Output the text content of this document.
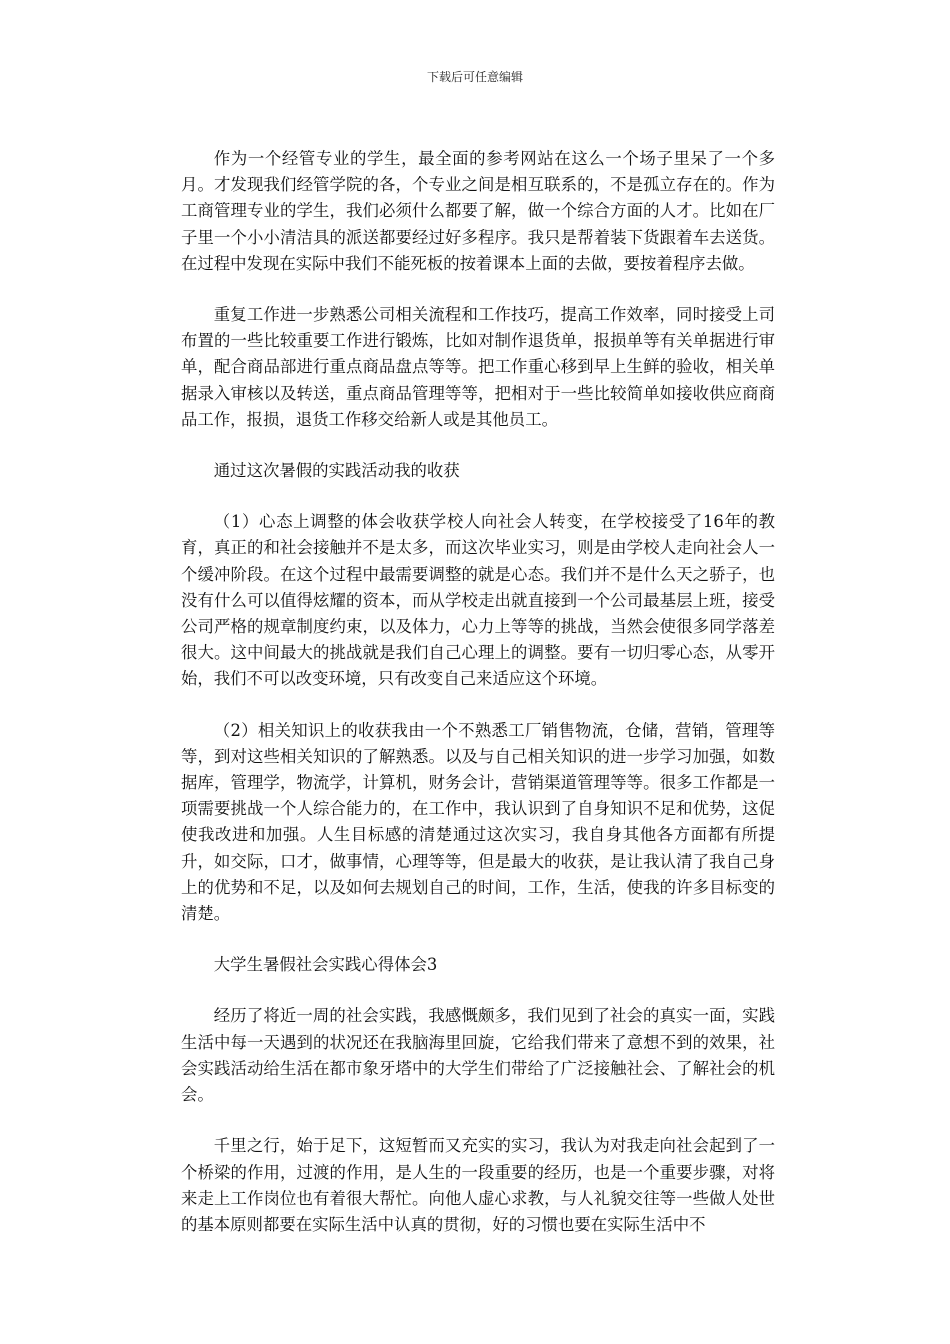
下载后可任意编辑

作为一个经管专业的学生，最全面的参考网站在这么一个场子里呆了一个多月。才发现我们经管学院的各，个专业之间是相互联系的，不是孤立存在的。作为工商管理专业的学生，我们必须什么都要了解，做一个综合方面的人才。比如在厂子里一个小小清洁具的派送都要经过好多程序。我只是帮着装下货跟着车去送货。在过程中发现在实际中我们不能死板的按着课本上面的去做，要按着程序去做。

重复工作进一步熟悉公司相关流程和工作技巧，提高工作效率，同时接受上司布置的一些比较重要工作进行锻炼，比如对制作退货单，报损单等有关单据进行审单，配合商品部进行重点商品盘点等等。把工作重心移到早上生鲜的验收，相关单据录入审核以及转送，重点商品管理等等，把相对于一些比较简单如接收供应商商品工作，报损，退货工作移交给新人或是其他员工。

通过这次暑假的实践活动我的收获

（1）心态上调整的体会收获学校人向社会人转变，在学校接受了16年的教育，真正的和社会接触并不是太多，而这次毕业实习，则是由学校人走向社会人一个缓冲阶段。在这个过程中最需要调整的就是心态。我们并不是什么天之骄子，也没有什么可以值得炫耀的资本，而从学校走出就直接到一个公司最基层上班，接受公司严格的规章制度约束，以及体力，心力上等等的挑战，当然会使很多同学落差很大。这中间最大的挑战就是我们自己心理上的调整。要有一切归零心态，从零开始，我们不可以改变环境，只有改变自己来适应这个环境。

（2）相关知识上的收获我由一个不熟悉工厂销售物流，仓储，营销，管理等等，到对这些相关知识的了解熟悉。以及与自己相关知识的进一步学习加强，如数据库，管理学，物流学，计算机，财务会计，营销渠道管理等等。很多工作都是一项需要挑战一个人综合能力的，在工作中，我认识到了自身知识不足和优势，这促使我改进和加强。人生目标感的清楚通过这次实习，我自身其他各方面都有所提升，如交际，口才，做事情，心理等等，但是最大的收获，是让我认清了我自己身上的优势和不足，以及如何去规划自己的时间，工作，生活，使我的许多目标变的清楚。

大学生暑假社会实践心得体会3

经历了将近一周的社会实践，我感慨颇多，我们见到了社会的真实一面，实践生活中每一天遇到的状况还在我脑海里回旋，它给我们带来了意想不到的效果，社会实践活动给生活在都市象牙塔中的大学生们带给了广泛接触社会、了解社会的机会。

千里之行，始于足下，这短暂而又充实的实习，我认为对我走向社会起到了一个桥梁的作用，过渡的作用，是人生的一段重要的经历，也是一个重要步骤，对将来走上工作岗位也有着很大帮忙。向他人虚心求教，与人礼貌交往等一些做人处世的基本原则都要在实际生活中认真的贯彻，好的习惯也要在实际生活中不
